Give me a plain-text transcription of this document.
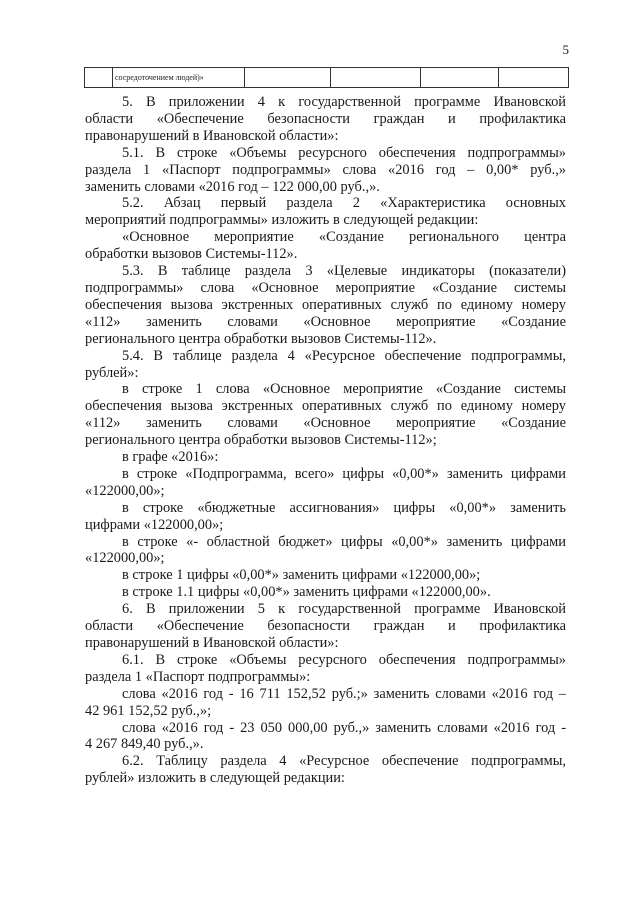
5
	сосредоточением людей)»				
5. В приложении 4 к государственной программе Ивановской
области «Обеспечение безопасности граждан и профилактика
правонарушений в Ивановской области»:
5.1. В строке «Объемы ресурсного обеспечения подпрограммы»
раздела 1 «Паспорт подпрограммы» слова «2016 год – 0,00* руб.,»
заменить словами «2016 год – 122 000,00 руб.,».
5.2. Абзац первый раздела 2 «Характеристика основных
мероприятий подпрограммы» изложить в следующей редакции:
«Основное мероприятие «Создание регионального центра
обработки вызовов Системы-112».
5.3. В таблице раздела 3 «Целевые индикаторы (показатели)
подпрограммы» слова «Основное мероприятие «Создание системы
обеспечения вызова экстренных оперативных служб по единому номеру
«112» заменить словами «Основное мероприятие «Создание
регионального центра обработки вызовов Системы-112».
5.4. В таблице раздела 4 «Ресурсное обеспечение подпрограммы,
рублей»:
в строке 1 слова «Основное мероприятие «Создание системы
обеспечения вызова экстренных оперативных служб по единому номеру
«112» заменить словами «Основное мероприятие «Создание
регионального центра обработки вызовов Системы-112»;
в графе «2016»:
в строке «Подпрограмма, всего» цифры «0,00*» заменить цифрами
«122000,00»;
в строке «бюджетные ассигнования» цифры «0,00*» заменить
цифрами «122000,00»;
в строке «- областной бюджет» цифры «0,00*» заменить цифрами
«122000,00»;
в строке 1 цифры «0,00*» заменить цифрами «122000,00»;
в строке 1.1 цифры «0,00*» заменить цифрами «122000,00».
6. В приложении 5 к государственной программе Ивановской
области «Обеспечение безопасности граждан и профилактика
правонарушений в Ивановской области»:
6.1. В строке «Объемы ресурсного обеспечения подпрограммы»
раздела 1 «Паспорт подпрограммы»:
слова «2016 год - 16 711 152,52 руб.;» заменить словами «2016 год –
42 961 152,52 руб.,»;
слова «2016 год - 23 050 000,00 руб.,» заменить словами «2016 год -
4 267 849,40 руб.,».
6.2. Таблицу раздела 4 «Ресурсное обеспечение подпрограммы,
рублей» изложить в следующей редакции:
